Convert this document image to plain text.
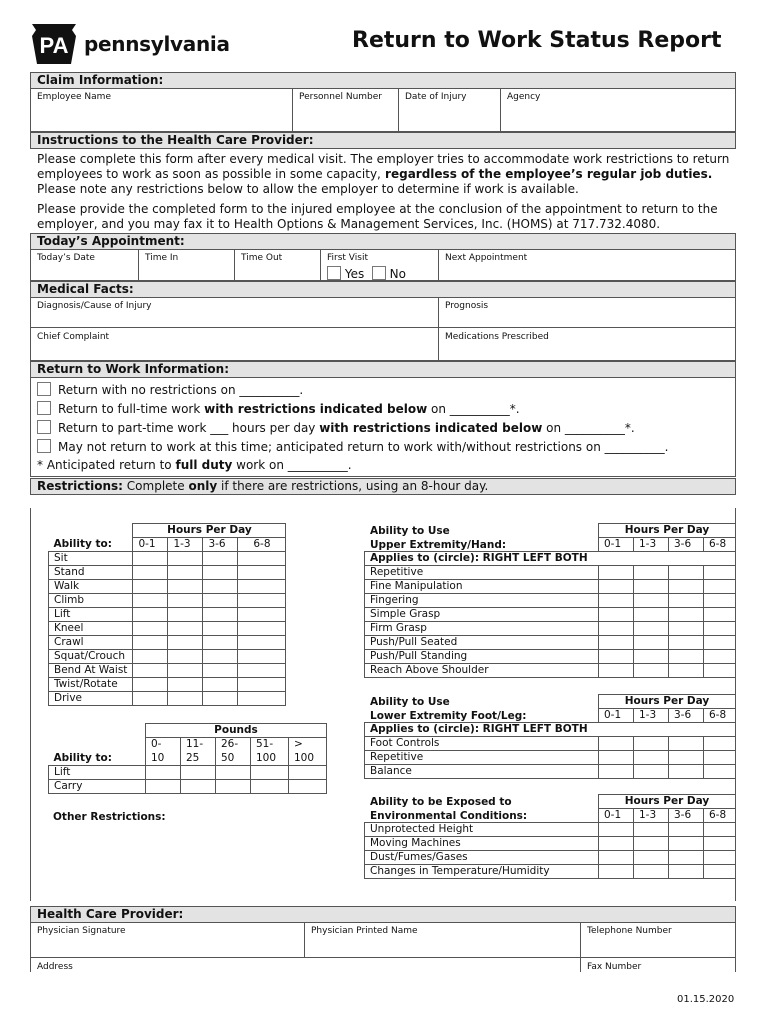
PA pennsylvania	Return to Work Status Report
Claim Information:
Employee Name	Personnel Number	Date of Injury	Agency
Instructions to the Health Care Provider:
Please complete this form after every medical visit. The employer tries to accommodate work restrictions to return employees to work as soon as possible in some capacity, regardless of the employee’s regular job duties. Please note any restrictions below to allow the employer to determine if work is available.
Please provide the completed form to the injured employee at the conclusion of the appointment to return to the employer, and you may fax it to Health Options & Management Services, Inc. (HOMS) at 717.732.4080.
Today’s Appointment:
Today’s Date	Time In	Time Out	First Visit
Yes No
Next Appointment
Medical Facts:
Diagnosis/Cause of Injury	Prognosis
Chief Complaint	Medications Prescribed
Return to Work Information:
Return with no restrictions on __________.
Return to full-time work with restrictions indicated below on __________*.
Return to part-time work ___ hours per day with restrictions indicated below on __________*.
May not return to work at this time; anticipated return to work with/without restrictions on __________.
* Anticipated return to full duty work on __________.
Restrictions: Complete only if there are restrictions, using an 8-hour day.
	Hours Per Day			
Ability to:	0-1	1-3	3-6	6-8
Sit				
Stand				
Walk				
Climb				
Lift				
Kneel				
Crawl				
Squat/Crouch				
Bend At Waist				
Twist/Rotate				
Drive				
	Pounds				
	0-	11-	26-	51-	>
Ability to:	10	25	50	100	100
Lift					
Carry					
Other Restrictions:
Ability to Use
Upper Extremity/Hand:
	Hours Per Day			
	0-1	1-3	3-6	6-8
Applies to (circle): RIGHT LEFT BOTH				
Repetitive				
Fine Manipulation				
Fingering				
Simple Grasp				
Firm Grasp				
Push/Pull Seated				
Push/Pull Standing				
Reach Above Shoulder				
Ability to Use
Lower Extremity Foot/Leg:
	Hours Per Day			
	0-1	1-3	3-6	6-8
Applies to (circle): RIGHT LEFT BOTH				
Foot Controls				
Repetitive				
Balance				
Ability to be Exposed to
Environmental Conditions:
	Hours Per Day			
	0-1	1-3	3-6	6-8
Unprotected Height				
Moving Machines				
Dust/Fumes/Gases				
Changes in Temperature/Humidity				
Health Care Provider:
Physician Signature	Physician Printed Name	Telephone Number
Address	Fax Number
01.15.2020
